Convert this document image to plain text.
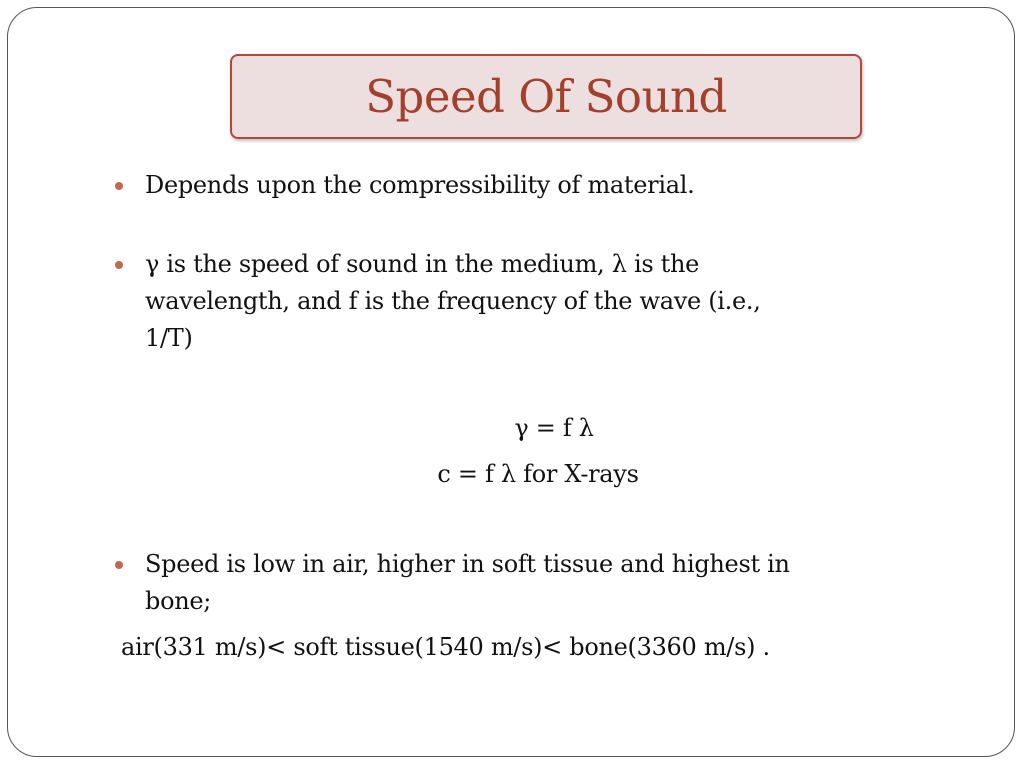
Speed Of Sound
Depends upon the compressibility of material.
γ is the speed of sound in the medium, λ is the
wavelength, and f is the frequency of the wave (i.e.,
1/T)
γ = f λ
c = f λ for X-rays
Speed is low in air, higher in soft tissue and highest in
bone;
air(331 m/s)< soft tissue(1540 m/s)< bone(3360 m/s) .
